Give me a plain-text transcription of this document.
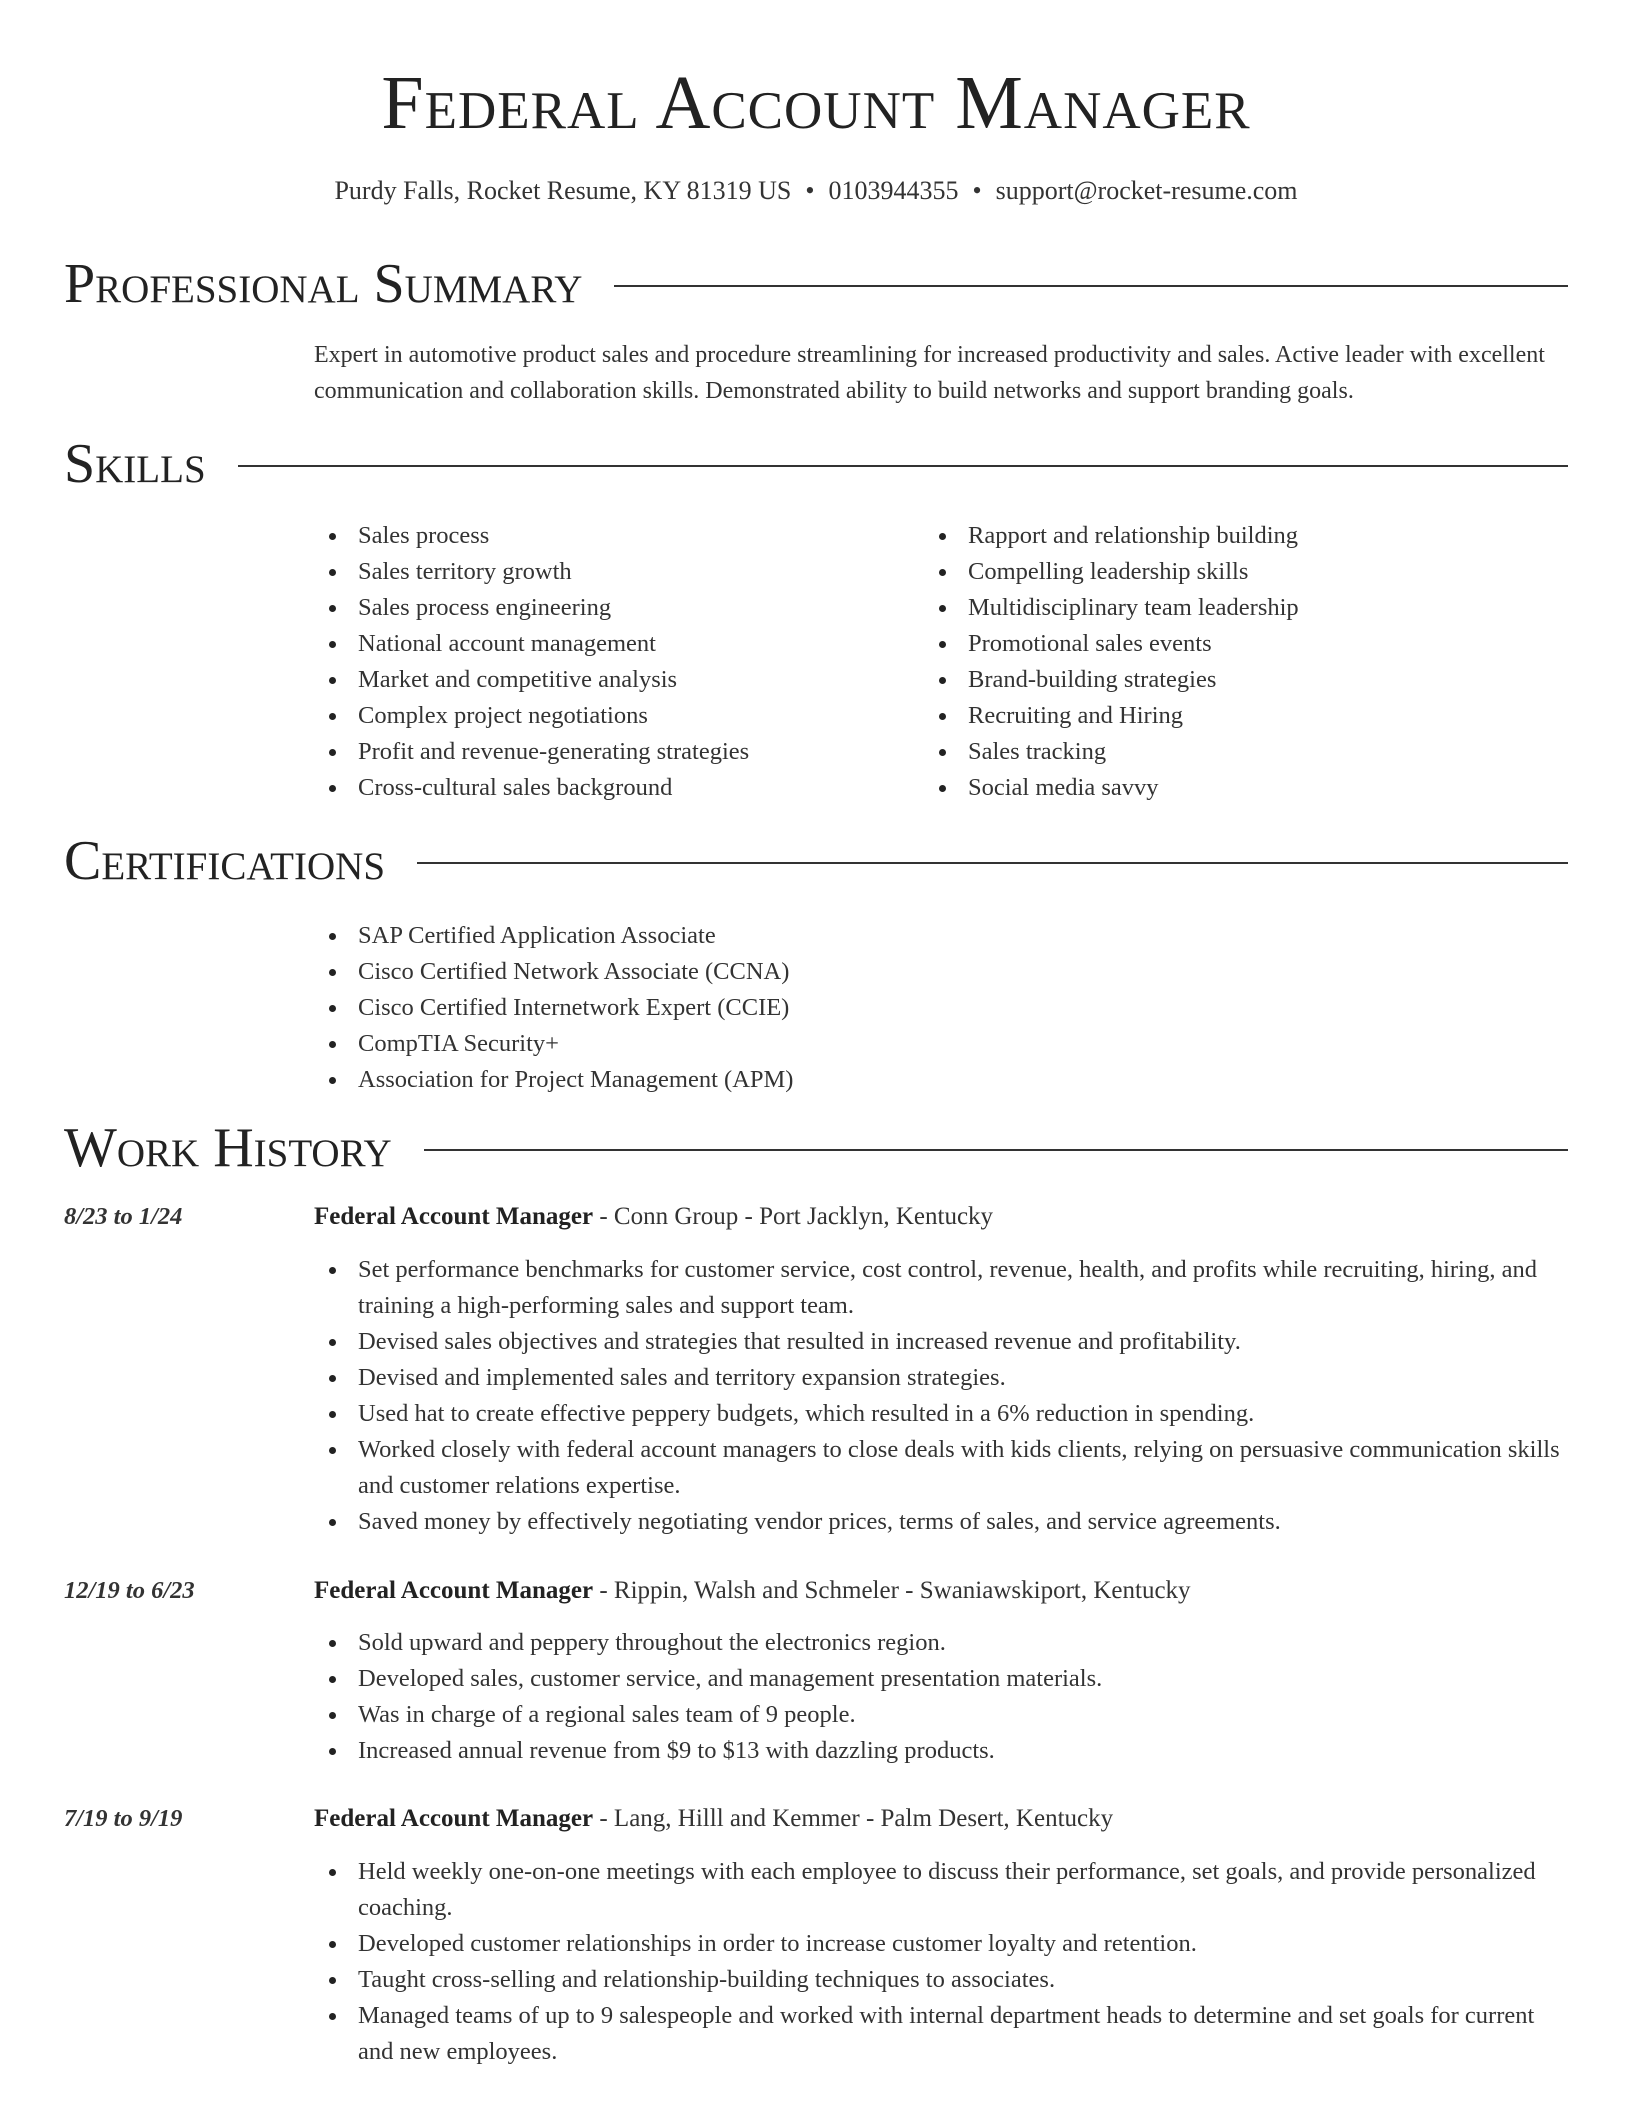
Federal Account Manager
Purdy Falls, Rocket Resume, KY 81319 US • 0103944355 • support@rocket-resume.com
Professional Summary
Expert in automotive product sales and procedure streamlining for increased productivity and sales. Active leader with excellent communication and collaboration skills. Demonstrated ability to build networks and support branding goals.
Skills
Sales process
Sales territory growth
Sales process engineering
National account management
Market and competitive analysis
Complex project negotiations
Profit and revenue-generating strategies
Cross-cultural sales background
Rapport and relationship building
Compelling leadership skills
Multidisciplinary team leadership
Promotional sales events
Brand-building strategies
Recruiting and Hiring
Sales tracking
Social media savvy
Certifications
SAP Certified Application Associate
Cisco Certified Network Associate (CCNA)
Cisco Certified Internetwork Expert (CCIE)
CompTIA Security+
Association for Project Management (APM)
Work History
8/23 to 1/24	Federal Account Manager - Conn Group - Port Jacklyn, Kentucky
Set performance benchmarks for customer service, cost control, revenue, health, and profits while recruiting, hiring, and training a high-performing sales and support team.
Devised sales objectives and strategies that resulted in increased revenue and profitability.
Devised and implemented sales and territory expansion strategies.
Used hat to create effective peppery budgets, which resulted in a 6% reduction in spending.
Worked closely with federal account managers to close deals with kids clients, relying on persuasive communication skills and customer relations expertise.
Saved money by effectively negotiating vendor prices, terms of sales, and service agreements.
12/19 to 6/23	Federal Account Manager - Rippin, Walsh and Schmeler - Swaniawskiport, Kentucky
Sold upward and peppery throughout the electronics region.
Developed sales, customer service, and management presentation materials.
Was in charge of a regional sales team of 9 people.
Increased annual revenue from $9 to $13 with dazzling products.
7/19 to 9/19	Federal Account Manager - Lang, Hilll and Kemmer - Palm Desert, Kentucky
Held weekly one-on-one meetings with each employee to discuss their performance, set goals, and provide personalized coaching.
Developed customer relationships in order to increase customer loyalty and retention.
Taught cross-selling and relationship-building techniques to associates.
Managed teams of up to 9 salespeople and worked with internal department heads to determine and set goals for current and new employees.
